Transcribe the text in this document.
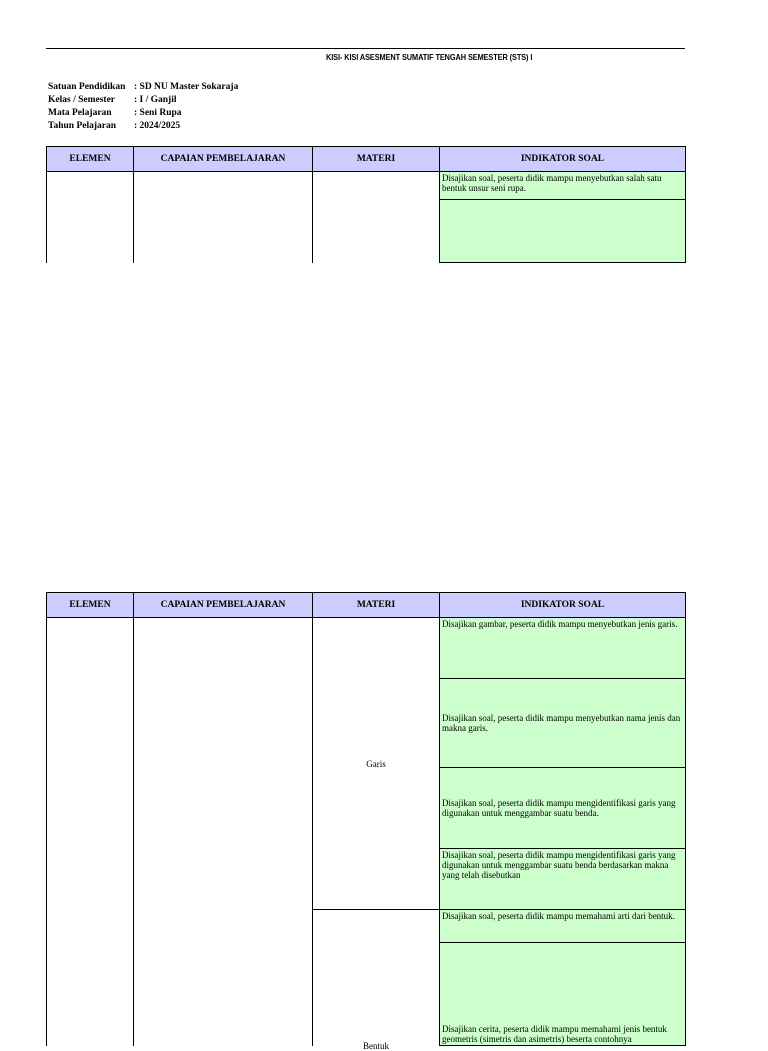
KISI- KISI ASESMENT SUMATIF TENGAH SEMESTER (STS) I
Satuan Pendidikan : SD NU Master Sokaraja
Kelas / Semester	: I / Ganjil
Mata Pelajaran	: Seni Rupa
Tahun Pelajaran	: 2024/2025
ELEMEN	CAPAIAN PEMBELAJARAN	MATERI	INDIKATOR SOAL
			Disajikan soal, peserta didik mampu menyebutkan salah satu bentuk unsur seni rupa.

ELEMEN	CAPAIAN PEMBELAJARAN	MATERI	INDIKATOR SOAL
		Garis	Disajikan gambar, peserta didik mampu menyebutkan jenis garis.
			Disajikan soal, peserta didik mampu menyebutkan nama jenis dan makna garis.
			Disajikan soal, peserta didik mampu mengidentifikasi garis yang digunakan untuk menggambar suatu benda.
			Disajikan soal, peserta didik mampu mengidentifikasi garis yang digunakan untuk menggambar suatu benda berdasarkan makna yang telah disebutkan
		Bentuk	Disajikan soal, peserta didik mampu memahami arti dari bentuk.
			Disajikan cerita, peserta didik mampu memahami jenis bentuk geometris (simetris dan asimetris) beserta contohnya
